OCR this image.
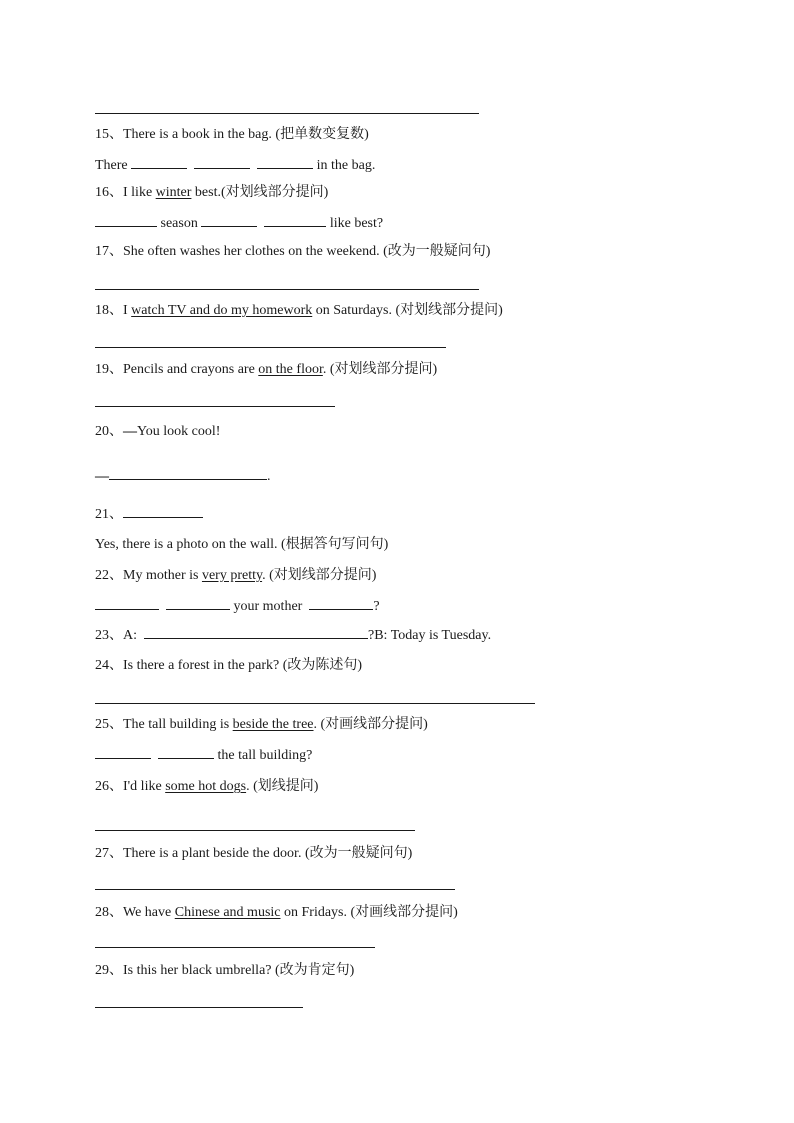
15、There is a book in the bag. (把单数变复数)
There	in the bag.
16、I like winter best.(对划线部分提问)
season	like best?
17、She often washes her clothes on the weekend. (改为一般疑问句)
18、I watch TV and do my homework on Saturdays. (对划线部分提问)
19、Pencils and crayons are on the floor. (对划线部分提问)
20、—You look cool!
—	.
21、
Yes, there is a photo on the wall. (根据答句写问句)
22、My mother is very pretty. (对划线部分提问)
your mother	?
23、A:	?B: Today is Tuesday.
24、Is there a forest in the park? (改为陈述句)
25、The tall building is beside the tree. (对画线部分提问)
the tall building?
26、I'd like some hot dogs. (划线提问)
27、There is a plant beside the door. (改为一般疑问句)
28、We have Chinese and music on Fridays. (对画线部分提问)
29、Is this her black umbrella? (改为肯定句)
